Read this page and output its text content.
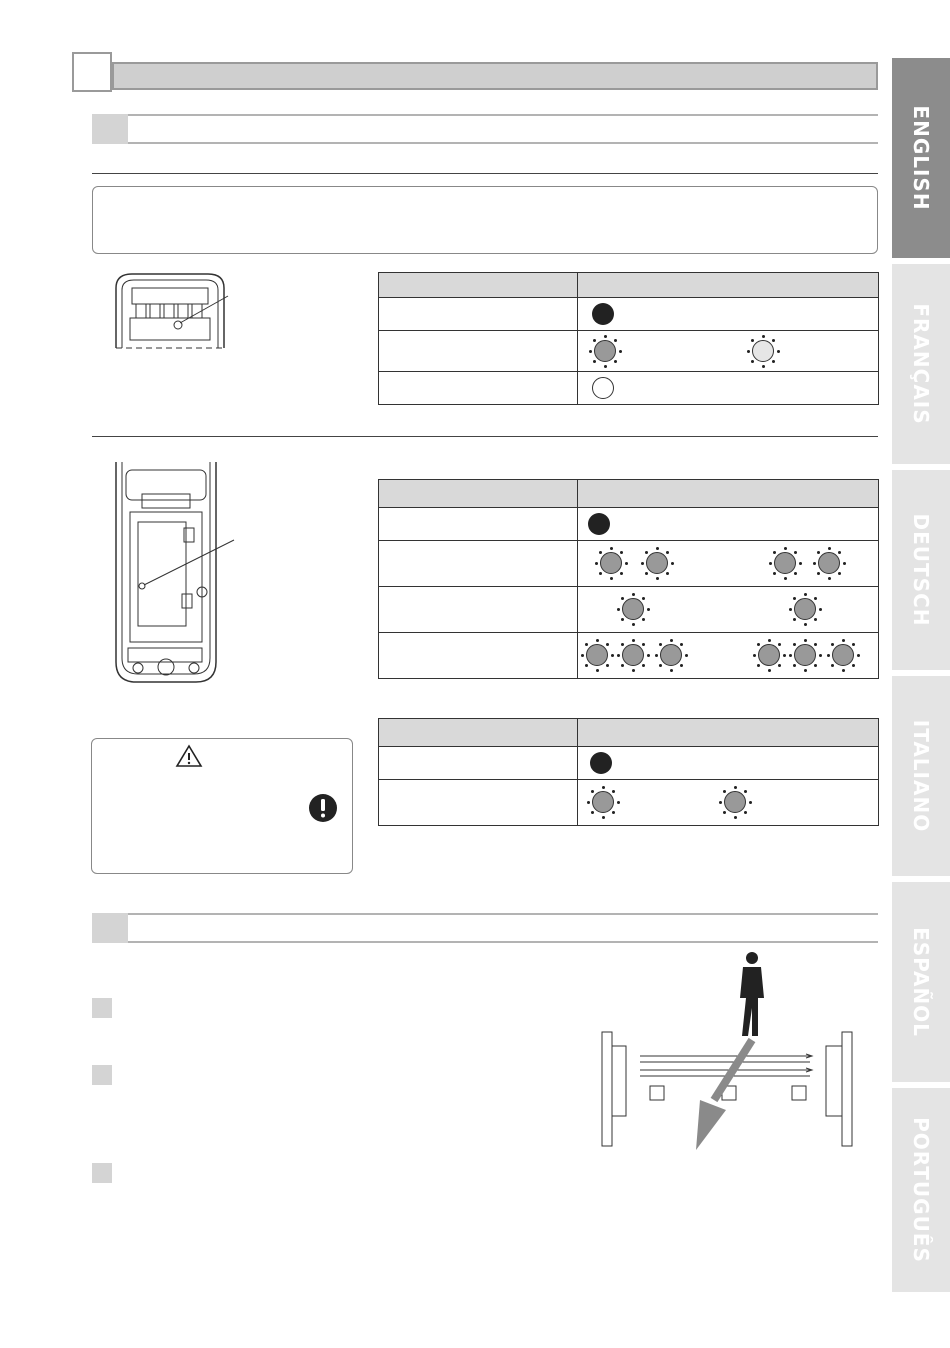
ENGLISH
FRANÇAIS
DEUTSCH
ITALIANO
ESPAÑOL
PORTUGUÊS
